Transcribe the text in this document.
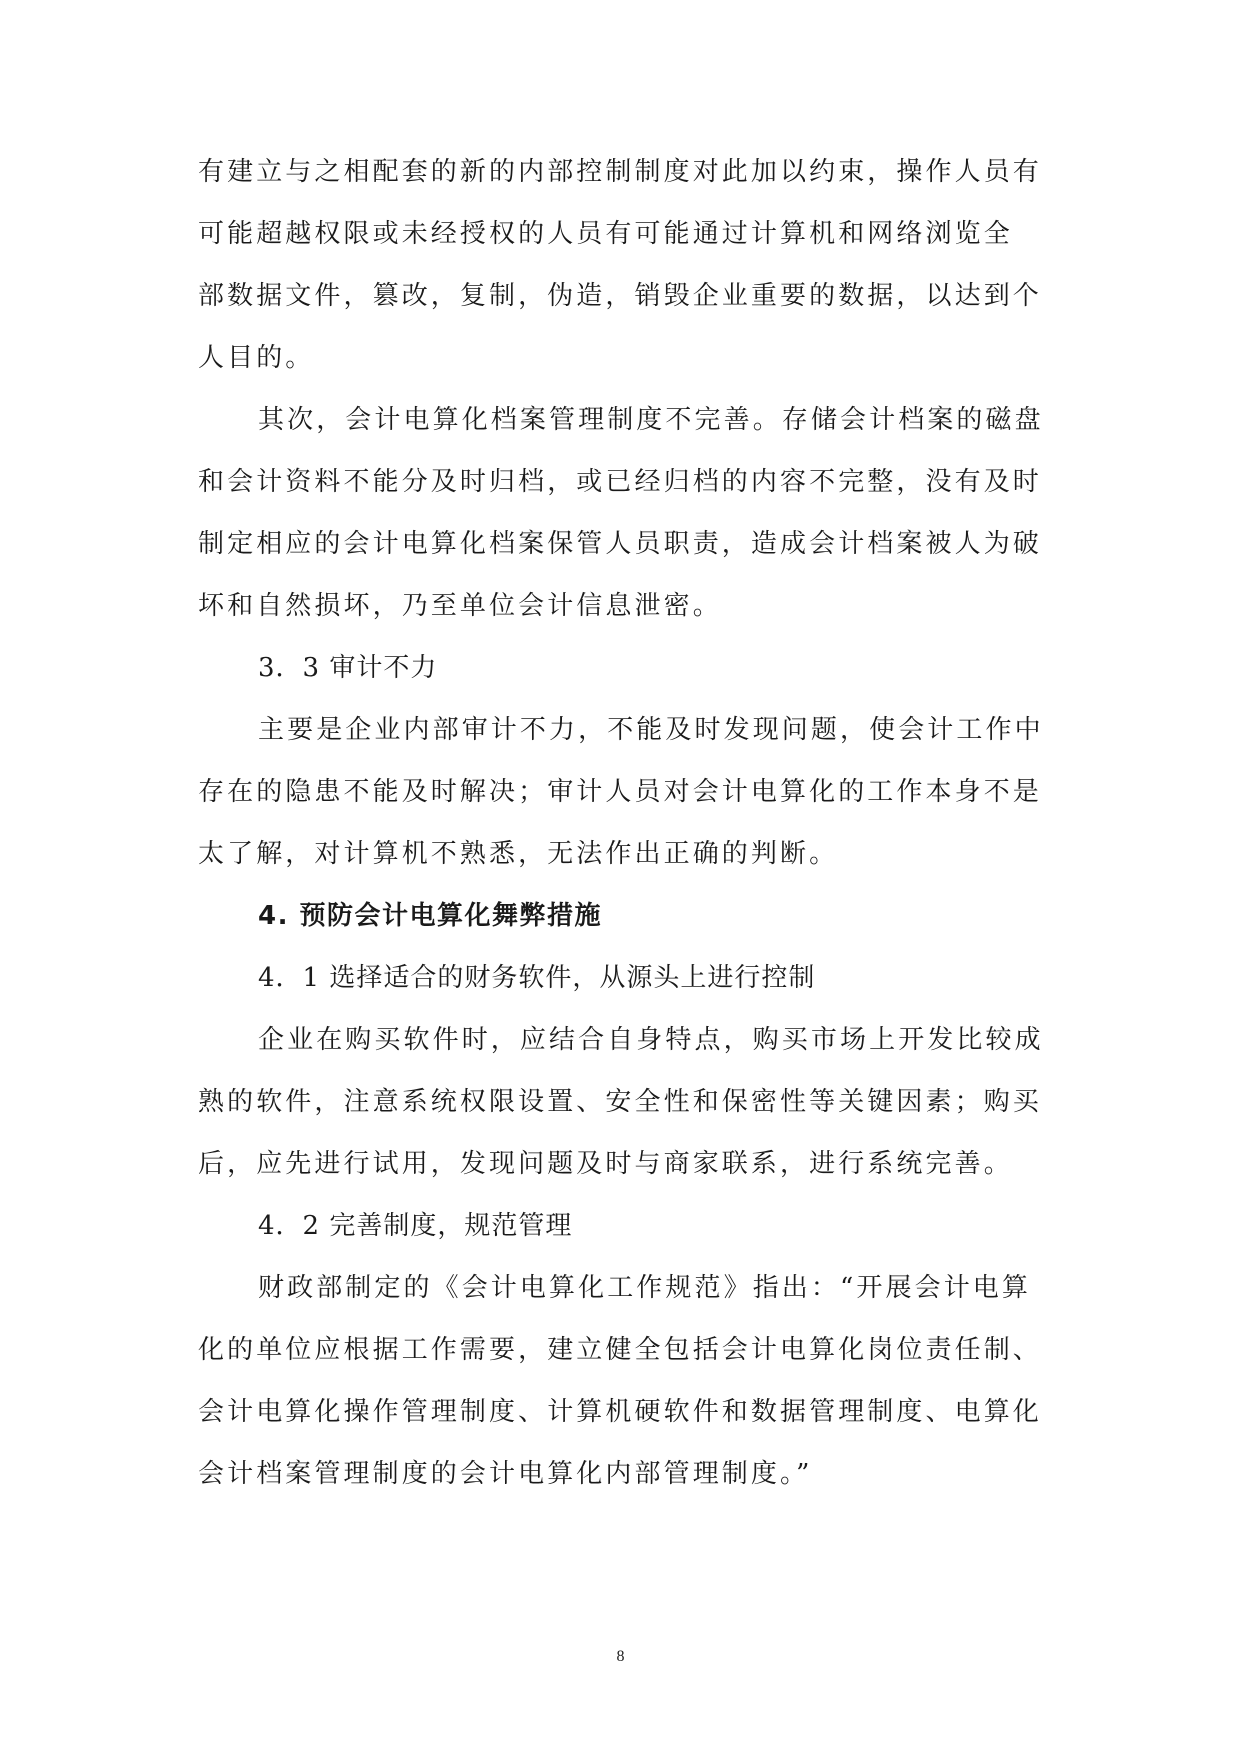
有建立与之相配套的新的内部控制制度对此加以约束，操作人员有
可能超越权限或未经授权的人员有可能通过计算机和网络浏览全
部数据文件，篡改，复制，伪造，销毁企业重要的数据，以达到个
人目的。
其次，会计电算化档案管理制度不完善。存储会计档案的磁盘
和会计资料不能分及时归档，或已经归档的内容不完整，没有及时
制定相应的会计电算化档案保管人员职责，造成会计档案被人为破
坏和自然损坏，乃至单位会计信息泄密。
3．3 审计不力
主要是企业内部审计不力，不能及时发现问题，使会计工作中
存在的隐患不能及时解决；审计人员对会计电算化的工作本身不是
太了解，对计算机不熟悉，无法作出正确的判断。
4. 预防会计电算化舞弊措施
4．1 选择适合的财务软件，从源头上进行控制
企业在购买软件时，应结合自身特点，购买市场上开发比较成
熟的软件，注意系统权限设置、安全性和保密性等关键因素；购买
后，应先进行试用，发现问题及时与商家联系，进行系统完善。
4．2 完善制度，规范管理
财政部制定的《会计电算化工作规范》指出：“开展会计电算
化的单位应根据工作需要，建立健全包括会计电算化岗位责任制、
会计电算化操作管理制度、计算机硬软件和数据管理制度、电算化
会计档案管理制度的会计电算化内部管理制度。”
8
